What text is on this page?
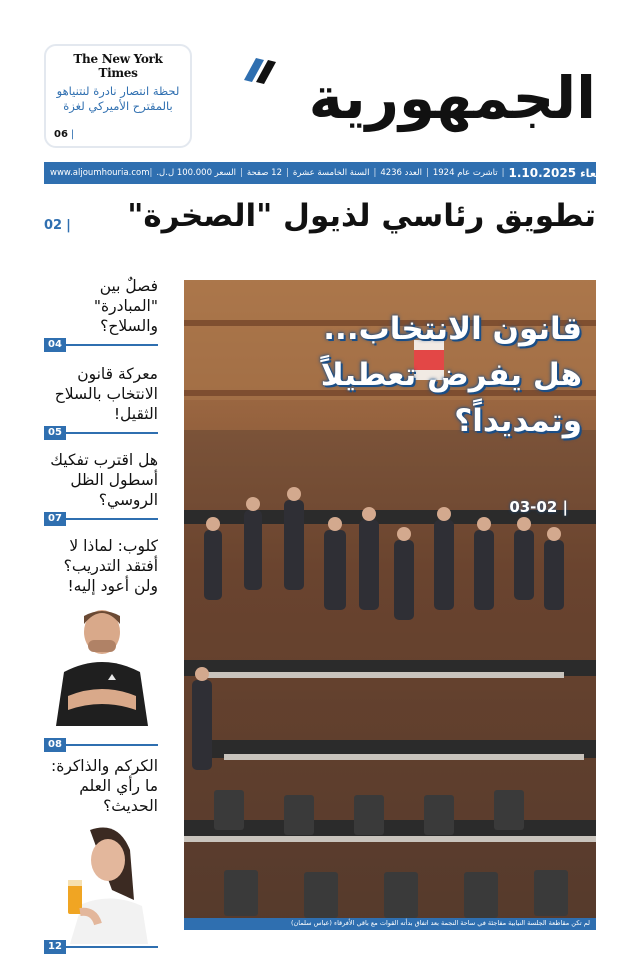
The New York Times
لحظة انتصار نادرة لنتنياهو بالمقترح الأميركي لغزة
06 |
الجمهورية
www.aljoumhouria.com	الأربعاء
1.10.2025
|
تاشرت عام 1924
|
العدد 4236
|
السنة الخامسة عشرة
|
12 صفحة
|
السعر 100.000 ل.ل.
|
تطويق رئاسي لذيول "الصخرة"
02 |
فصلٌ بين "المبادرة" والسلاح؟
04
معركة قانون الانتخاب بالسلاح الثقيل!
05
هل اقترب تفكيك أسطول الظل الروسي؟
07
كلوب: لماذا لا أفتقد التدريب؟ ولن أعود إليه!
08
الكركم والذاكرة: ما رأي العلم الحديث؟
12
قانون الانتخاب...
هل يفرض تعطيلاً
وتمديداً؟
03-02 |
لم تكن مقاطعة الجلسة النيابية مفاجئة في ساحة النجمة بعد اتفاق بدأته القوات مع باقي الأفرقاء (عباس سلمان)
